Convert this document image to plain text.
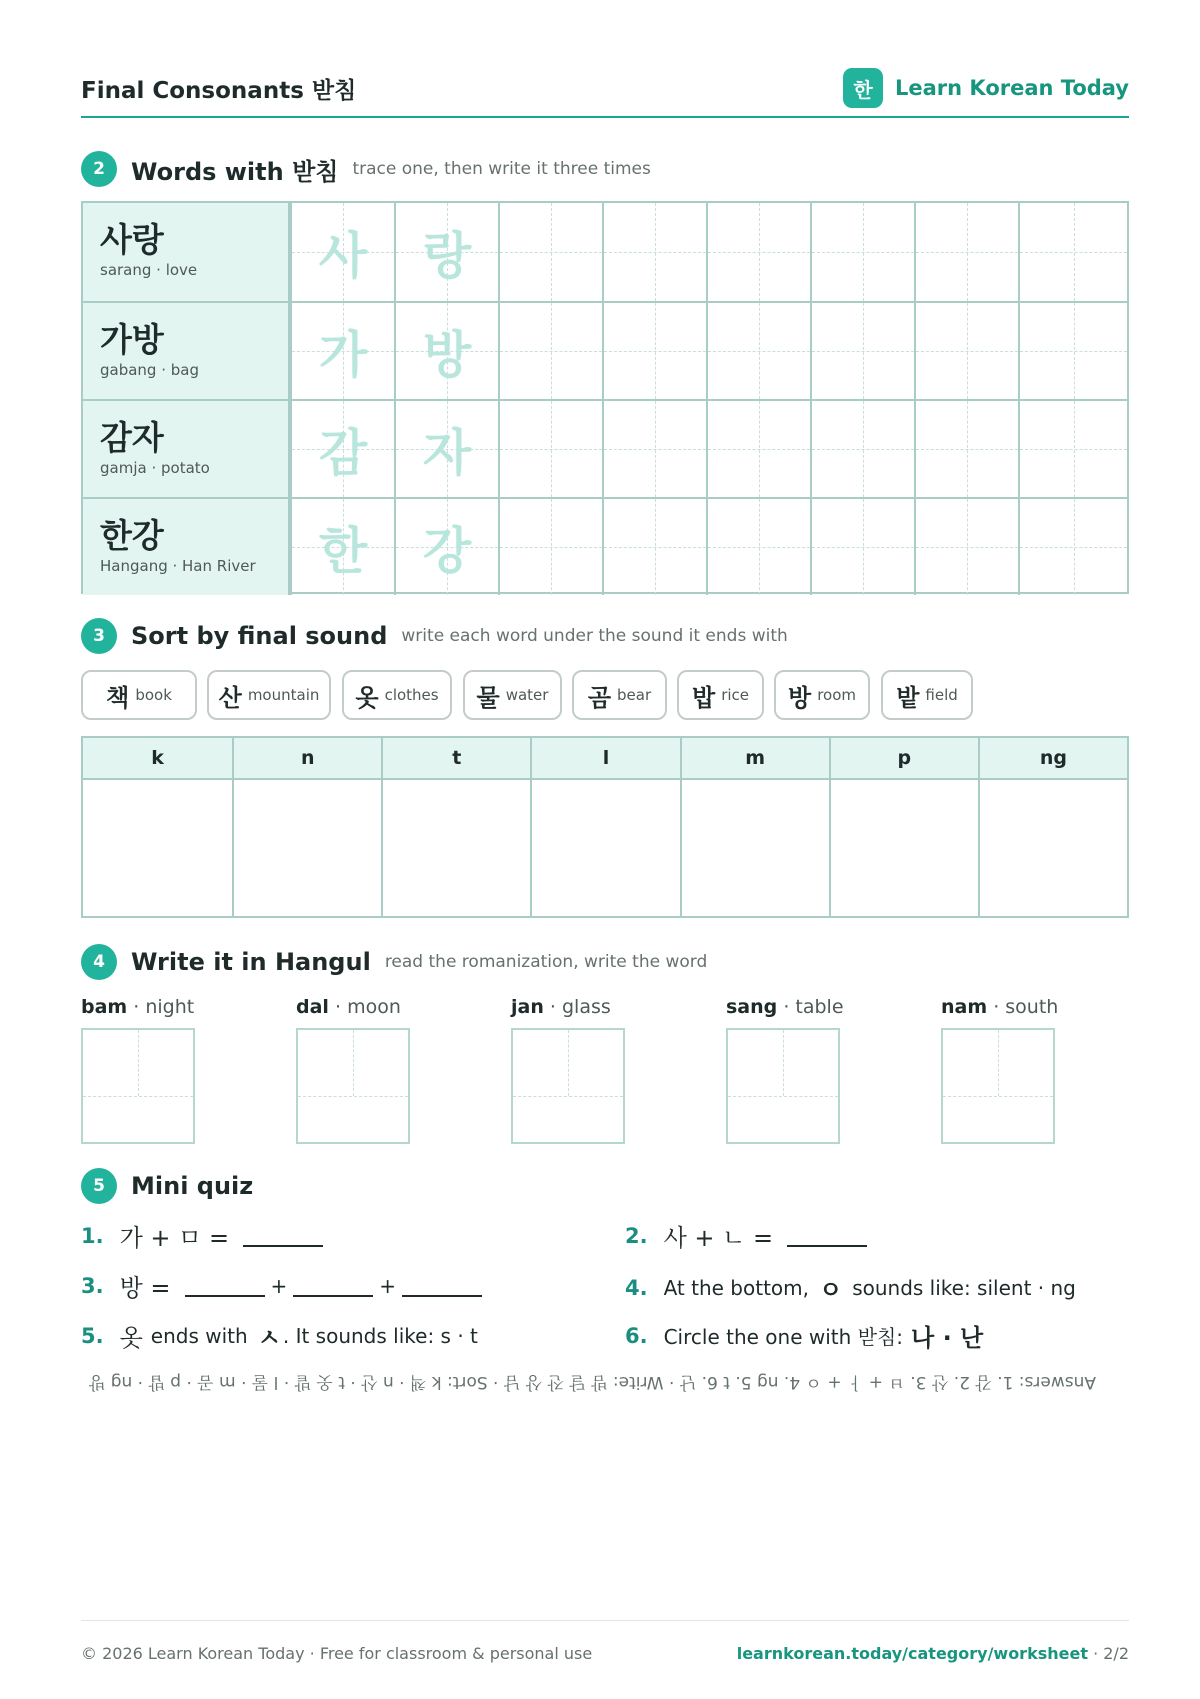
Final Consonants 받침	한	Learn Korean Today
2	Words with 받침 trace one, then write it three times
사랑
sarang · love	사	랑
가방
gabang · bag	가	방
감자
gamja · potato	감	자
한강
Hangang · Han River	한	강
3	Sort by final sound write each word under the sound it ends with
책 book 산 mountain 옷 clothes 물 water 곰 bear 밥 rice 방 room 밭 field
k	n	t	l	m	p	ng
4	Write it in Hangul read the romanization, write the word
bam · night	dal · moon	jan · glass	sang · table	nam · south
5	Mini quiz
1. 가 + ㅁ =	2. 사 + ㄴ =
3. 방 =	+	+	4. At the bottom, ㅇ sounds like: silent · ng
5. 옷 ends with ㅅ . It sounds like: s · t	6. Circle the one with 받침: 나 · 난
Answers: 1. 감 2. 산 3. ㅂ + ㅏ + ㅇ 4. ng 5. t 6. 난 · Write: 밤 달 잔 상 남 · Sort: k 책 · n 산 · t 옷 밭 · l 물 · m 곰 · p 밥 · ng 방
© 2026 Learn Korean Today · Free for classroom & personal use	learnkorean.today/category/worksheet · 2/2
